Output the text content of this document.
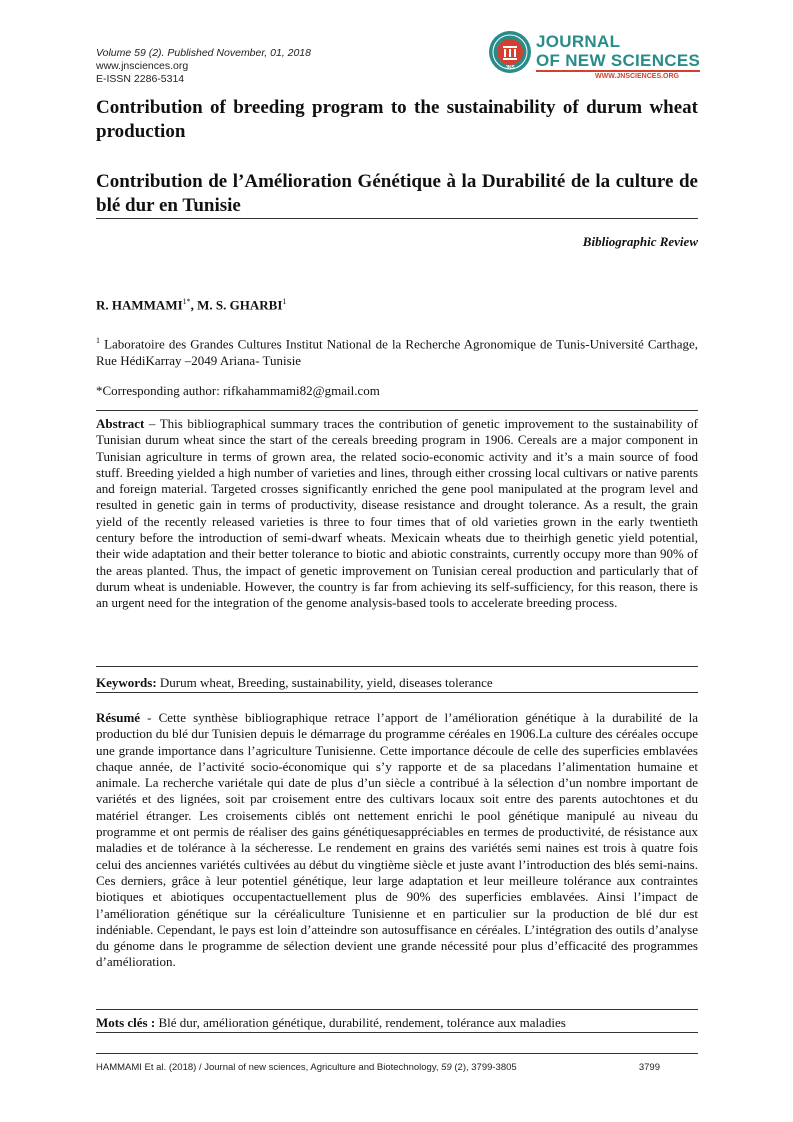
Volume 59 (2). Published November, 01, 2018
www.jnsciences.org
E-ISSN 2286-5314
JNS
JOURNAL
OF NEW SCIENCES
WWW.JNSCIENCES.ORG
Contribution of breeding program to the sustainability of durum wheat production
Contribution de l’Amélioration Génétique à la Durabilité de la culture de blé dur en Tunisie
Bibliographic Review
R. $HAMMAMI^{1*}$, M. S. GHARBI$^1$
$^1$ Laboratoire des Grandes Cultures Institut National de la Recherche Agronomique de Tunis-Université Carthage, Rue HédiKarray –2049 Ariana- Tunisie
*Corresponding author: rifkahammami82@gmail.com
Abstract – This bibliographical summary traces the contribution of genetic improvement to the sustainability of Tunisian durum wheat since the start of the cereals breeding program in 1906. Cereals are a major component in Tunisian agriculture in terms of grown area, the related socio-economic activity and it’s a main source of food stuff. Breeding yielded a high number of varieties and lines, through either crossing local cultivars or native parents and foreign material. Targeted crosses significantly enriched the gene pool manipulated at the program level and resulted in genetic gain in terms of productivity, disease resistance and drought tolerance. As a result, the grain yield of the recently released varieties is three to four times that of old varieties grown in the early twentieth century before the introduction of semi-dwarf wheats. Mexicain wheats due to theirhigh genetic yield potential, their wide adaptation and their better tolerance to biotic and abiotic constraints, currently occupy more than 90% of the areas planted. Thus, the impact of genetic improvement on Tunisian cereal production and particularly that of durum wheat is undeniable. However, the country is far from achieving its self-sufficiency, for this reason, there is an urgent need for the integration of the genome analysis-based tools to accelerate breeding process.
Keywords: Durum wheat, Breeding, sustainability, yield, diseases tolerance
Résumé - Cette synthèse bibliographique retrace l’apport de l’amélioration génétique à la durabilité de la production du blé dur Tunisien depuis le démarrage du programme céréales en 1906.La culture des céréales occupe une grande importance dans l’agriculture Tunisienne. Cette importance découle de celle des superficies emblavées chaque année, de l’activité socio-économique qui s’y rapporte et de sa placedans l’alimentation humaine et animale. La recherche variétale qui date de plus d’un siècle a contribué à la sélection d’un nombre important de variétés et des lignées, soit par croisement entre des cultivars locaux soit entre des parents autochtones et du matériel étranger. Les croisements ciblés ont nettement enrichi le pool génétique manipulé au niveau du programme et ont permis de réaliser des gains génétiquesappréciables en termes de productivité, de résistance aux maladies et de tolérance à la sécheresse. Le rendement en grains des variétés semi naines est trois à quatre fois celui des anciennes variétés cultivées au début du vingtième siècle et juste avant l’introduction des blés semi-nains. Ces derniers, grâce à leur potentiel génétique, leur large adaptation et leur meilleure tolérance aux contraintes biotiques et abiotiques occupentactuellement plus de 90% des superficies emblavées. Ainsi l’impact de l’amélioration génétique sur la céréaliculture Tunisienne et en particulier sur la production de blé dur est indéniable. Cependant, le pays est loin d’atteindre son autosuffisance en céréales. L’intégration des outils d’analyse du génome dans le programme de sélection devient une grande nécessité pour plus d’efficacité des programmes d’amélioration.
Mots clés : Blé dur, amélioration génétique, durabilité, rendement, tolérance aux maladies
HAMMAMI Et al. (2018) / Journal of new sciences, Agriculture and Biotechnology, 59 (2), 3799-3805	3799
